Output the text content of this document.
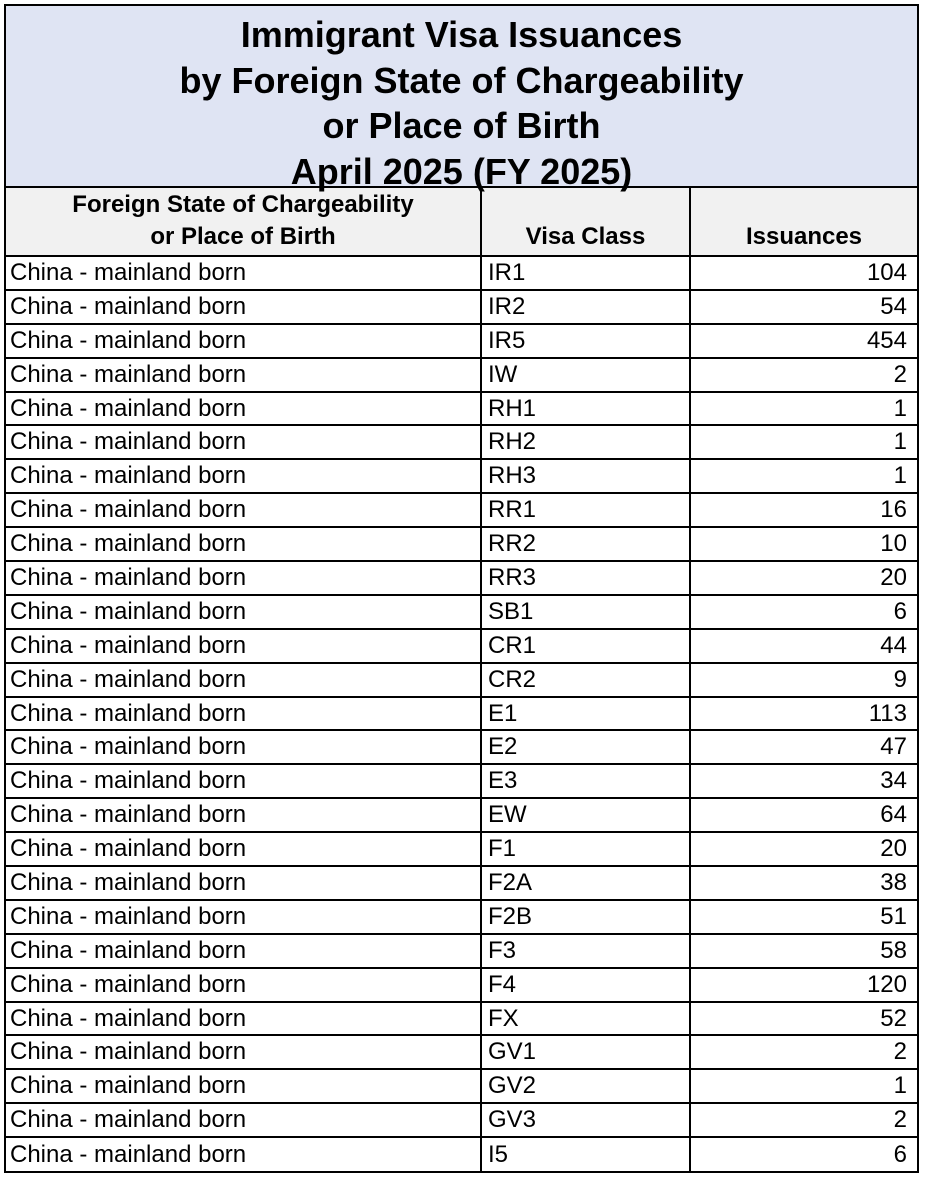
Immigrant Visa Issuances
by Foreign State of Chargeability
or Place of Birth
April 2025 (FY 2025)
Foreign State of Chargeability
or Place of Birth	Visa Class	Issuances
China - mainland born	IR1	104
China - mainland born	IR2	54
China - mainland born	IR5	454
China - mainland born	IW	2
China - mainland born	RH1	1
China - mainland born	RH2	1
China - mainland born	RH3	1
China - mainland born	RR1	16
China - mainland born	RR2	10
China - mainland born	RR3	20
China - mainland born	SB1	6
China - mainland born	CR1	44
China - mainland born	CR2	9
China - mainland born	E1	113
China - mainland born	E2	47
China - mainland born	E3	34
China - mainland born	EW	64
China - mainland born	F1	20
China - mainland born	F2A	38
China - mainland born	F2B	51
China - mainland born	F3	58
China - mainland born	F4	120
China - mainland born	FX	52
China - mainland born	GV1	2
China - mainland born	GV2	1
China - mainland born	GV3	2
China - mainland born	I5	6
